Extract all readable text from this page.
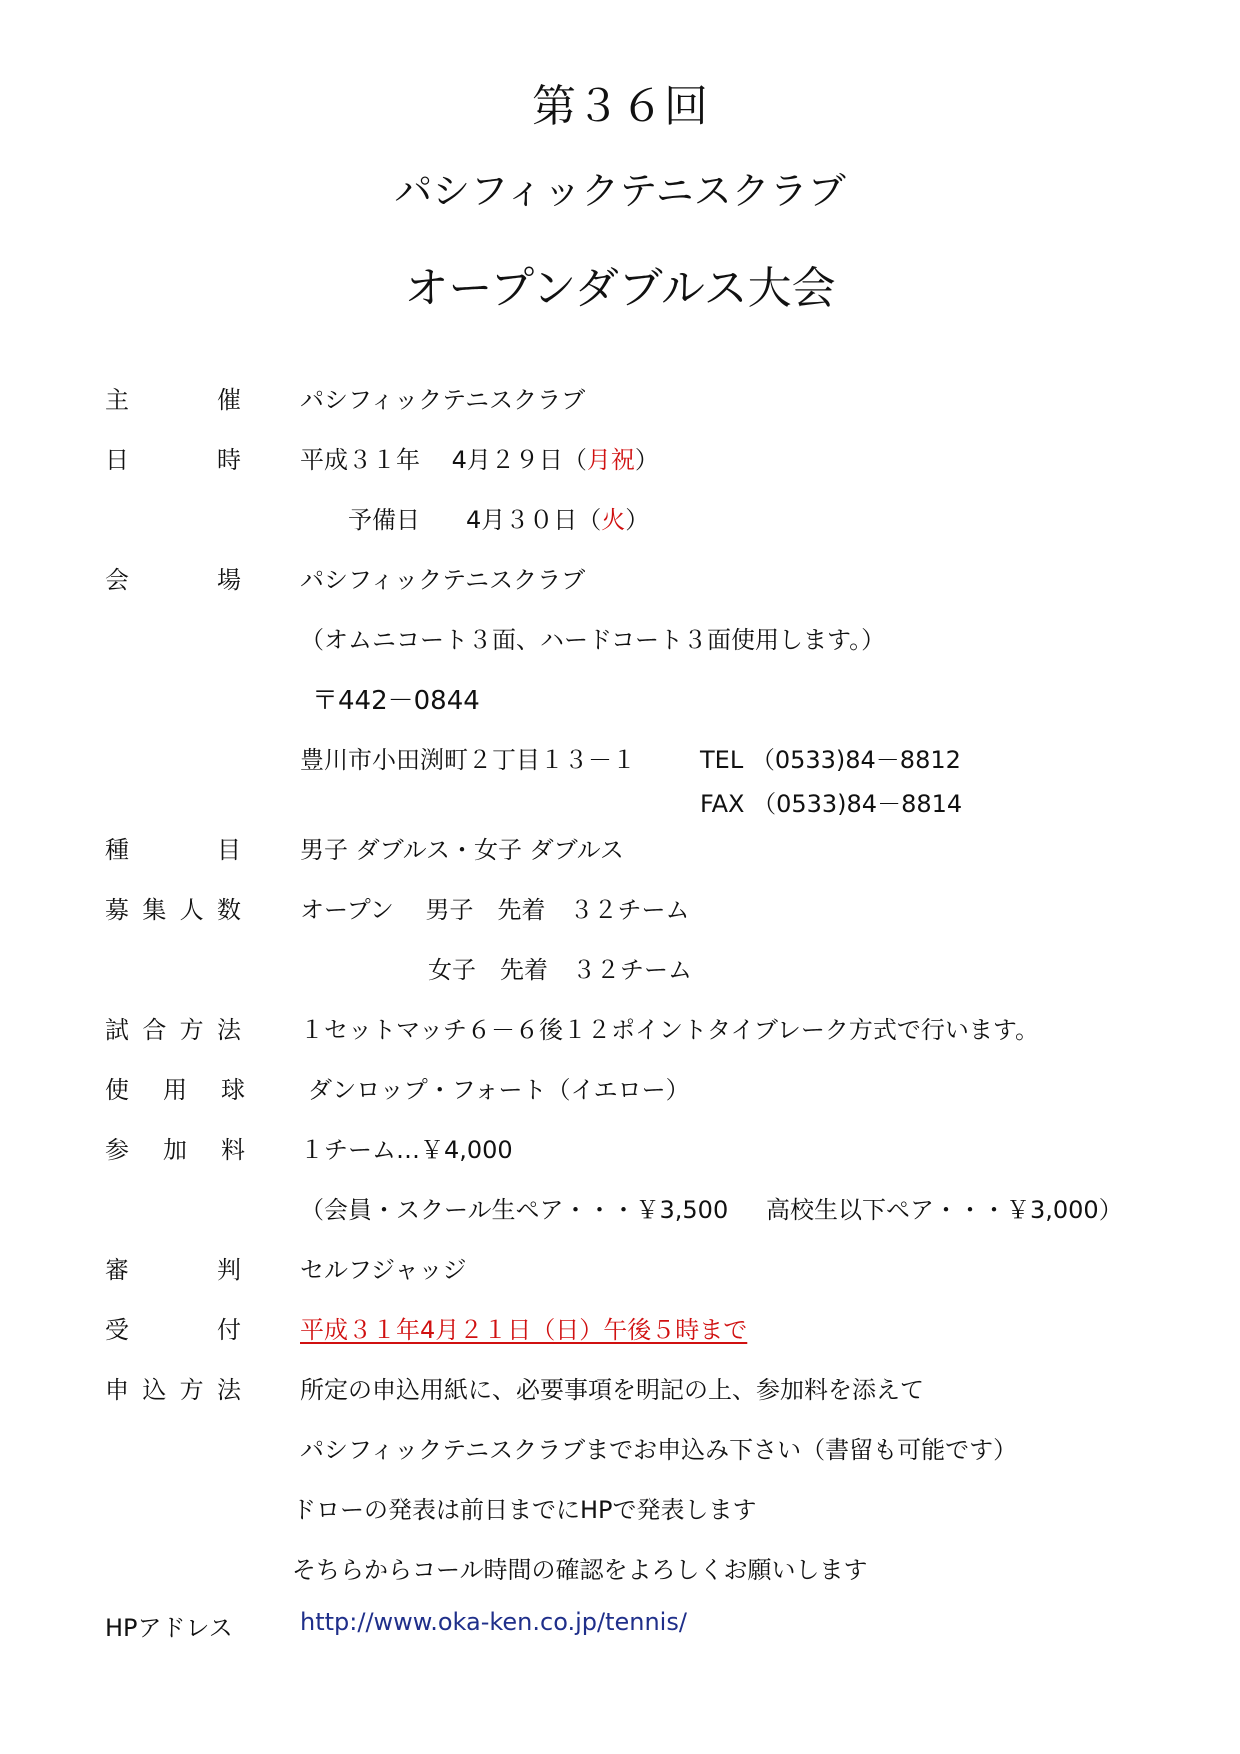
第３６回
パシフィックテニスクラブ
オープンダブルス大会
主	催 パシフィックテニスクラブ
日	時 平成３１年　 4月２９日（月祝）
予備日 4月３０日（火）
会	場 パシフィックテニスクラブ
（オムニコート３面、ハードコート３面使用します。）
〒442－0844
豊川市小田渕町２丁目１３－１	TEL （0533)84－8812
FAX （0533)84－8814
種	目 男子 ダブルス・女子 ダブルス
募 集 人 数 オープン　 男子　先着　３２チーム
女子　先着　３２チーム
試 合 方 法 １セットマッチ６－６後１２ポイントタイブレーク方式で行います。
使 用 球	ダンロップ・フォート（イエロー）
参 加 料 １チーム…￥4,000
（会員・スクール生ペア・・・￥3,500 高校生以下ペア・・・￥3,000）
審	判 セルフジャッジ
受	付 平成３１年4月２１日（日）午後５時まで
申 込 方 法 所定の申込用紙に、必要事項を明記の上、参加料を添えて
パシフィックテニスクラブまでお申込み下さい（書留も可能です）
ドローの発表は前日までにHPで発表します
そちらからコール時間の確認をよろしくお願いします
HPアドレス	http://www.oka-ken.co.jp/tennis/
